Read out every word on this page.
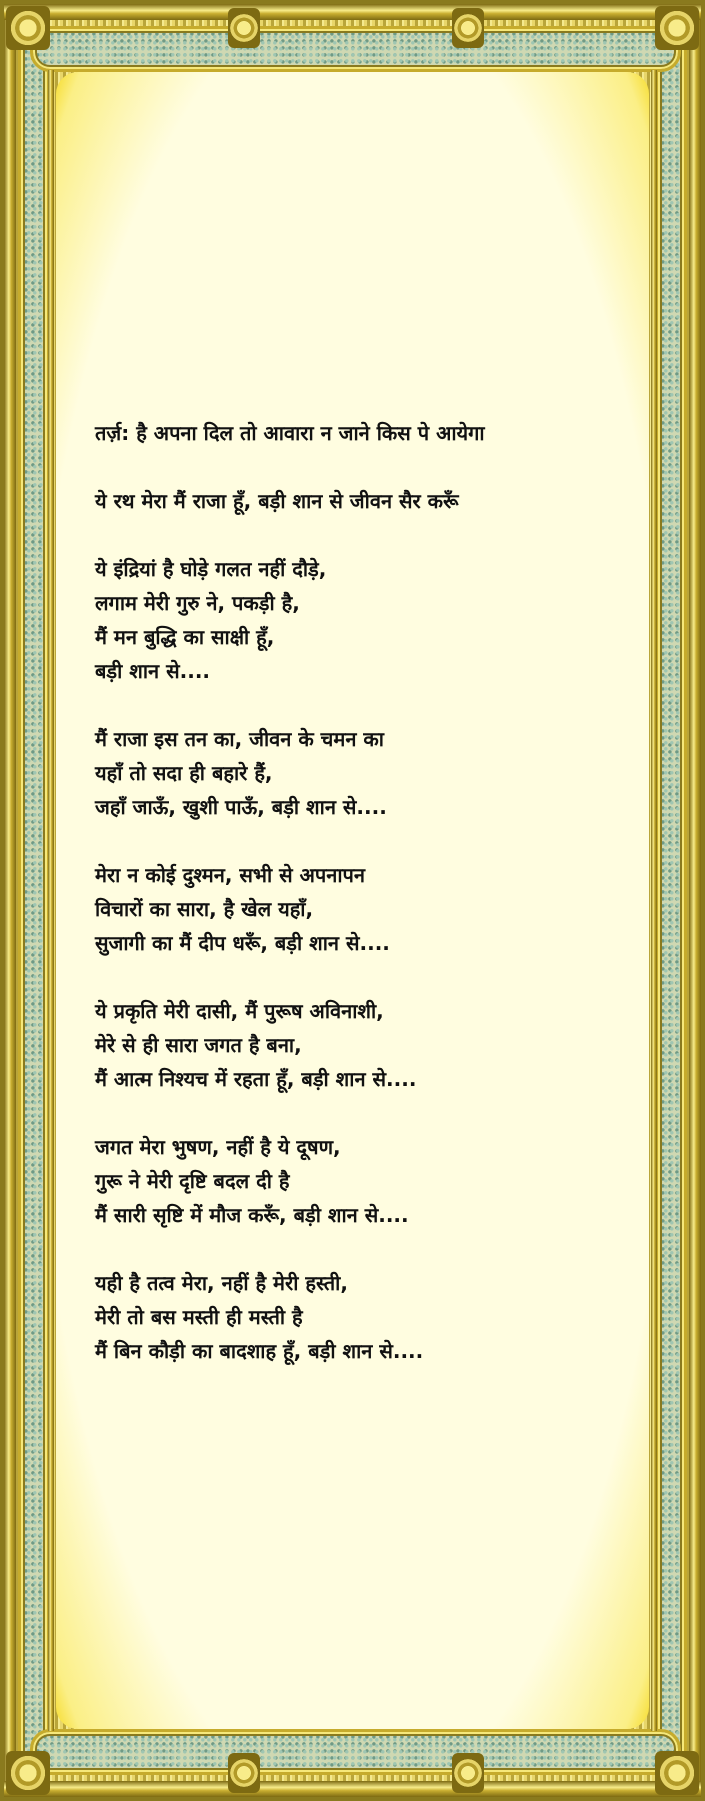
तर्ज़: है अपना दिल तो आवारा न जाने किस पे आयेगा
ये रथ मेरा मैं राजा हूँ, बड़ी शान से जीवन सैर करूँ
ये इंद्रियां है घोड़े गलत नहीं दौड़े,
लगाम मेरी गुरु ने, पकड़ी है,
मैं मन बुद्धि का साक्षी हूँ,
बड़ी शान से....
मैं राजा इस तन का, जीवन के चमन का
यहाँ तो सदा ही बहारे हैं,
जहाँ जाऊँ, खुशी पाऊँ, बड़ी शान से....
मेरा न कोई दुश्मन, सभी से अपनापन
विचारों का सारा, है खेल यहाँ,
सुजागी का मैं दीप धरूँ, बड़ी शान से....
ये प्रकृति मेरी दासी, मैं पुरूष अविनाशी,
मेरे से ही सारा जगत है बना,
मैं आत्म निश्यच में रहता हूँ, बड़ी शान से....
जगत मेरा भुषण, नहीं है ये दूषण,
गुरू ने मेरी दृष्टि बदल दी है
मैं सारी सृष्टि में मौज करूँ, बड़ी शान से....
यही है तत्व मेरा, नहीं है मेरी हस्ती,
मेरी तो बस मस्ती ही मस्ती है
मैं बिन कौड़ी का बादशाह हूँ, बड़ी शान से....
